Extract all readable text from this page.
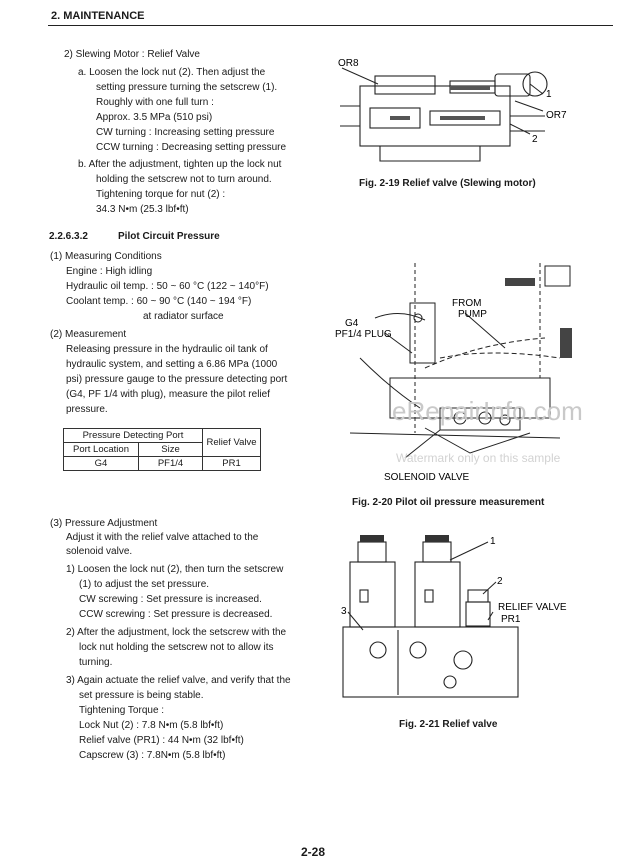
2. MAINTENANCE
2) Slewing Motor : Relief Valve
a. Loosen the lock nut (2). Then adjust the
setting pressure turning the setscrew (1).
Roughly with one full turn :
Approx. 3.5 MPa (510 psi)
CW turning : Increasing setting pressure
CCW turning : Decreasing setting pressure
b. After the adjustment, tighten up the lock nut
holding the setscrew not to turn around.
Tightening torque for nut (2) :
34.3 N•m (25.3 lbf•ft)
OR8
1
OR7
2
Fig. 2-19 Relief valve (Slewing motor)
2.2.6.3.2	Pilot Circuit Pressure
(1) Measuring Conditions
Engine : High idling
Hydraulic oil temp. : 50 ~ 60 °C (122 ~ 140°F)
Coolant temp. : 60 ~ 90 °C (140 ~ 194 °F)
at radiator surface
(2) Measurement
Releasing pressure in the hydraulic oil tank of
hydraulic system, and setting a 6.86 MPa (1000
psi) pressure gauge to the pressure detecting port
(G4, PF 1/4 with plug), measure the pilot relief
pressure.
Pressure Detecting Port		Relief Valve
Port Location	Size	
G4	PF1/4	PR1
FROM
PUMP
G4
PF1/4 PLUG
SOLENOID VALVE
eRepairInfo.com
Watermark only on this sample
Fig. 2-20 Pilot oil pressure measurement
(3) Pressure Adjustment
Adjust it with the relief valve attached to the
solenoid valve.
1) Loosen the lock nut (2), then turn the setscrew
(1) to adjust the set pressure.
CW screwing : Set pressure is increased.
CCW screwing : Set pressure is decreased.
2) After the adjustment, lock the setscrew with the
lock nut holding the setscrew not to allow its
turning.
3) Again actuate the relief valve, and verify that the
set pressure is being stable.
Tightening Torque :
Lock Nut (2) : 7.8 N•m (5.8 lbf•ft)
Relief valve (PR1) : 44 N•m (32 lbf•ft)
Capscrew (3) : 7.8N•m (5.8 lbf•ft)
1
2
3	RELIEF VALVE
PR1
Fig. 2-21 Relief valve
2-28
